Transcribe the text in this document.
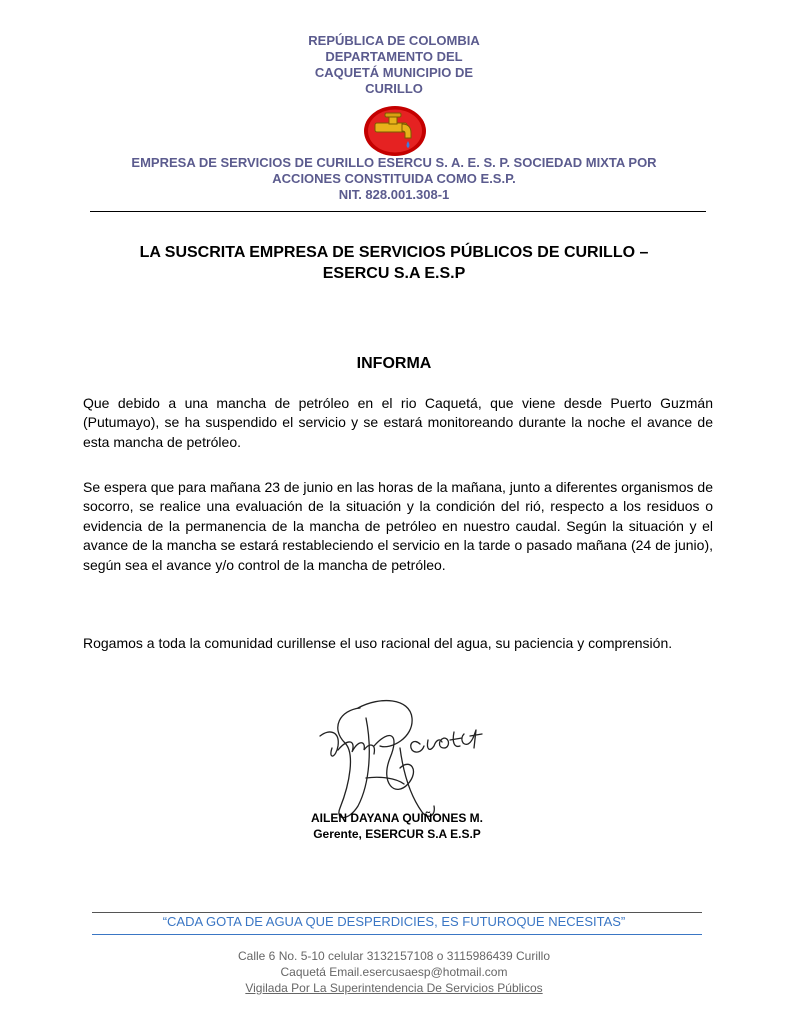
REPÚBLICA DE COLOMBIA
DEPARTAMENTO DEL
CAQUETÁ MUNICIPIO DE
CURILLO
EMPRESA DE SERVICIOS DE CURILLO ESERCU S. A. E. S. P. SOCIEDAD MIXTA POR
ACCIONES CONSTITUIDA COMO E.S.P.
NIT. 828.001.308-1
LA SUSCRITA EMPRESA DE SERVICIOS PÚBLICOS DE CURILLO –
ESERCU S.A E.S.P
INFORMA
Que debido a una mancha de petróleo en el rio Caquetá, que viene desde Puerto Guzmán (Putumayo), se ha suspendido el servicio y se estará monitoreando durante la noche el avance de esta mancha de petróleo.
Se espera que para mañana 23 de junio en las horas de la mañana, junto a diferentes organismos de socorro, se realice una evaluación de la situación y la condición del rió, respecto a los residuos o evidencia de la permanencia de la mancha de petróleo en nuestro caudal. Según la situación y el avance de la mancha se estará restableciendo el servicio en la tarde o pasado mañana (24 de junio), según sea el avance y/o control de la mancha de petróleo.
Rogamos a toda la comunidad curillense el uso racional del agua, su paciencia y comprensión.
AILEN DAYANA QUIÑONES M.
Gerente, ESERCUR S.A E.S.P
“CADA GOTA DE AGUA QUE DESPERDICIES, ES FUTUROQUE NECESITAS”
Calle 6 No. 5-10 celular 3132157108 o 3115986439 Curillo
Caquetá Email.esercusaesp@hotmail.com
Vigilada Por La Superintendencia De Servicios Públicos
